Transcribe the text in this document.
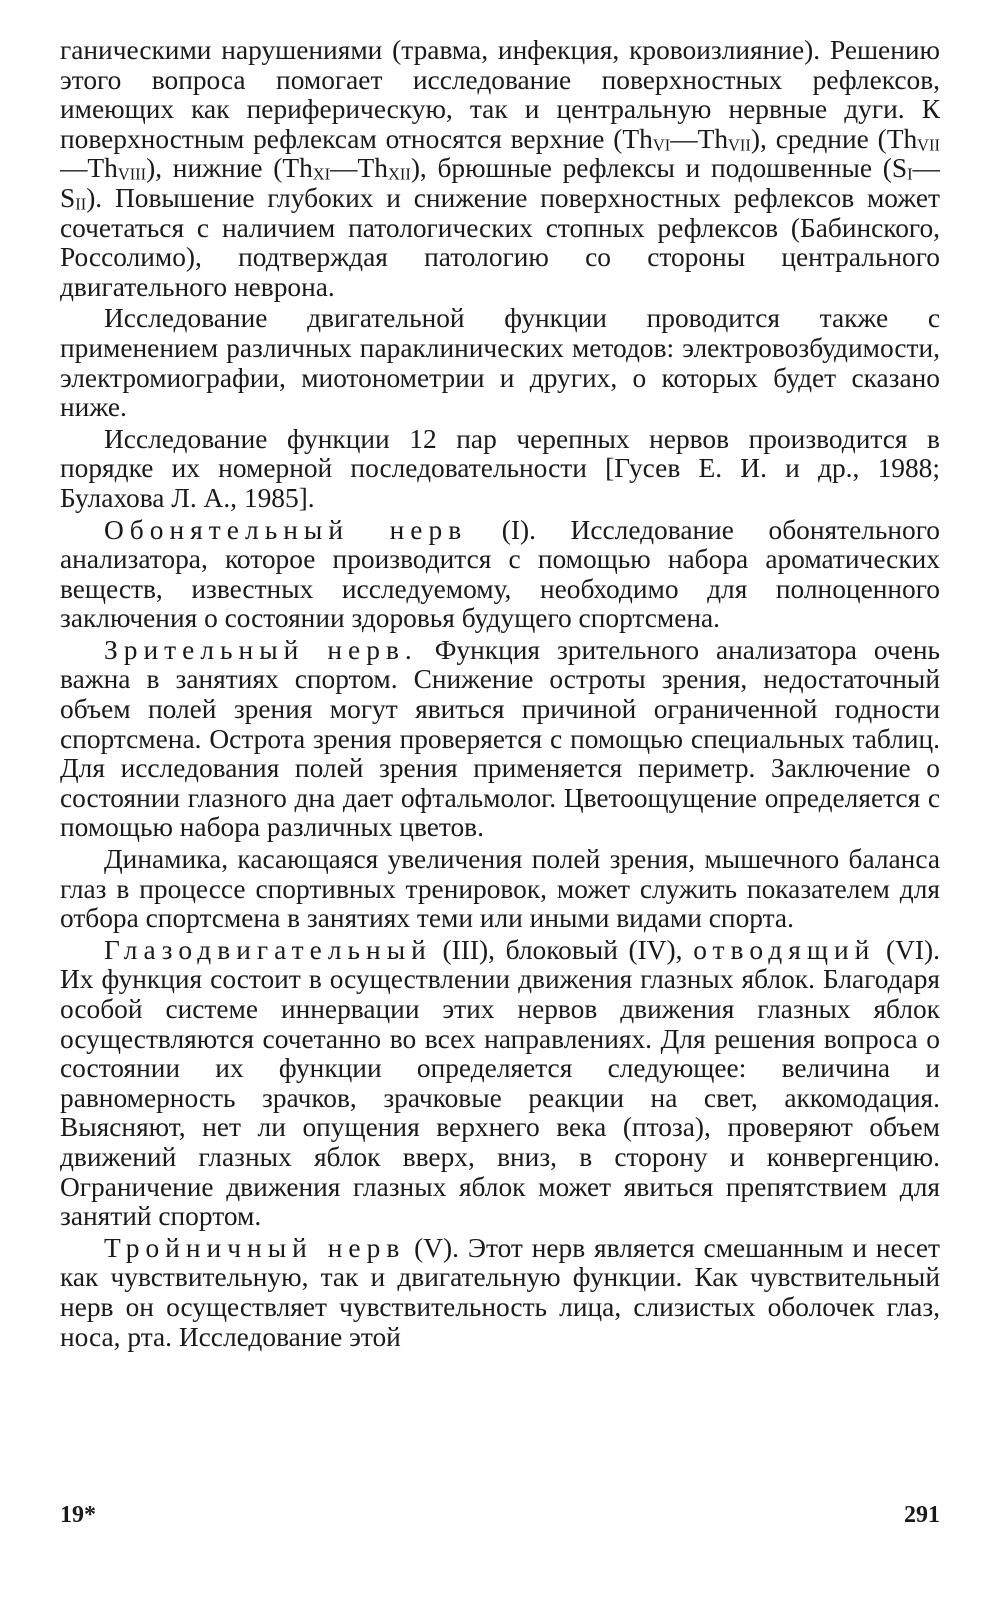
ганическими нарушениями (травма, инфекция, кровоизлияние). Решению этого вопроса помогает исследование поверхностных рефлексов, имеющих как периферическую, так и центральную нервные дуги. К поверхностным рефлексам относятся верхние $(Th_{VI}—Th_{VII})$, средние $(Th_{VII}—Th_{VIII})$, нижние $(Th_{XI}—Th_{XII})$, брюшные рефлексы и подошвенные $(S_I—S_{II})$. Повышение глубоких и снижение поверхностных рефлексов может сочетаться с наличием патологических стопных рефлексов (Бабинского, Россолимо), подтверждая патологию со стороны центрального двигательного неврона.

Исследование двигательной функции проводится также с применением различных параклинических методов: электровозбудимости, электромиографии, миотонометрии и других, о которых будет сказано ниже.

Исследование функции 12 пар черепных нервов производится в порядке их номерной последовательности [Гусев Е. И. и др., 1988; Булахова Л. А., 1985].

Обонятельный нерв (I). Исследование обонятельного анализатора, которое производится с помощью набора ароматических веществ, известных исследуемому, необходимо для полноценного заключения о состоянии здоровья будущего спортсмена.

Зрительный нерв. Функция зрительного анализатора очень важна в занятиях спортом. Снижение остроты зрения, недостаточный объем полей зрения могут явиться причиной ограниченной годности спортсмена. Острота зрения проверяется с помощью специальных таблиц. Для исследования полей зрения применяется периметр. Заключение о состоянии глазного дна дает офтальмолог. Цветоощущение определяется с помощью набора различных цветов.

Динамика, касающаяся увеличения полей зрения, мышечного баланса глаз в процессе спортивных тренировок, может служить показателем для отбора спортсмена в занятиях теми или иными видами спорта.

Глазодвигательный (III), блоковый (IV), отводящий (VI). Их функция состоит в осуществлении движения глазных яблок. Благодаря особой системе иннервации этих нервов движения глазных яблок осуществляются сочетанно во всех направлениях. Для решения вопроса о состоянии их функции определяется следующее: величина и равномерность зрачков, зрачковые реакции на свет, аккомодация. Выясняют, нет ли опущения верхнего века (птоза), проверяют объем движений глазных яблок вверх, вниз, в сторону и конвергенцию. Ограничение движения глазных яблок может явиться препятствием для занятий спортом.

Тройничный нерв (V). Этот нерв является смешанным и несет как чувствительную, так и двигательную функции. Как чувствительный нерв он осуществляет чувствительность лица, слизистых оболочек глаз, носа, рта. Исследование этой

19*	291
